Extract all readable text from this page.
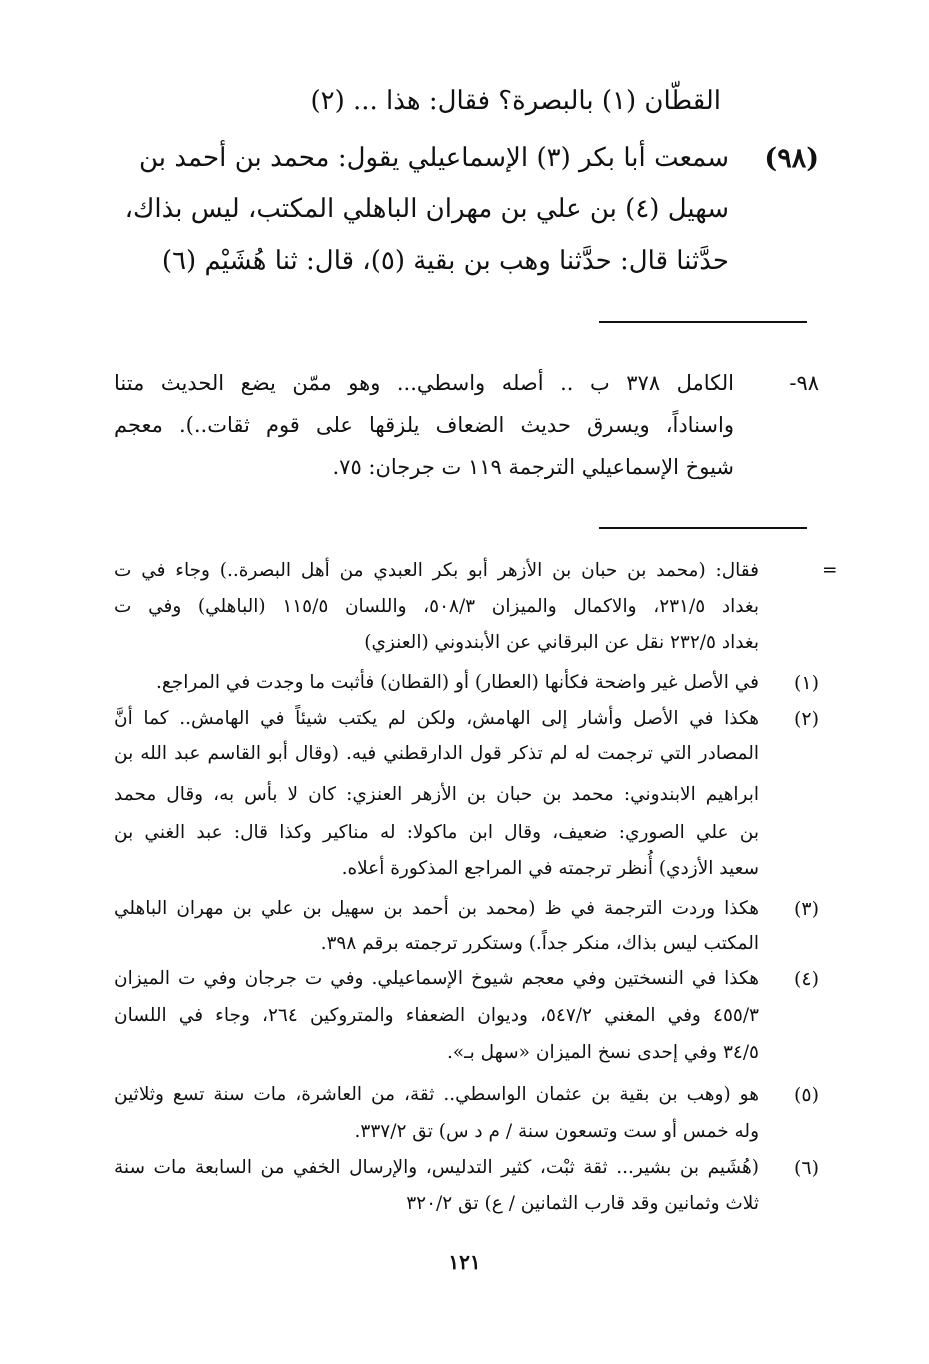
القطّان (١) بالبصرة؟ فقال: هذا ... (٢)
(٩٨)
سمعت أبا بكر (٣) الإسماعيلي يقول: محمد بن أحمد بن
سهيل (٤) بن علي بن مهران الباهلي المكتب، ليس بذاك،
حدَّثنا قال: حدَّثنا وهب بن بقية (٥)، قال: ثنا هُشَيْم (٦)
٩٨-
الكامل ٣٧٨ ب .. أصله واسطي... وهو ممّن يضع الحديث متنا
واسناداً، ويسرق حديث الضعاف يلزقها على قوم ثقات..). معجم
شيوخ الإسماعيلي الترجمة ١١٩ ت جرجان: ٧٥.
=
فقال: (محمد بن حبان بن الأزهر أبو بكر العبدي من أهل البصرة..) وجاء في ت
بغداد ٢٣١/٥، والاكمال والميزان ٥٠٨/٣، واللسان ١١٥/٥ (الباهلي) وفي ت
بغداد ٢٣٢/٥ نقل عن البرقاني عن الأبندوني (العنزي)
(١)
في الأصل غير واضحة فكأنها (العطار) أو (القطان) فأثبت ما وجدت في المراجع.
(٢)
هكذا في الأصل وأشار إلى الهامش، ولكن لم يكتب شيئاً في الهامش.. كما أنَّ
المصادر التي ترجمت له لم تذكر قول الدارقطني فيه. (وقال أبو القاسم عبد الله بن
ابراهيم الابندوني: محمد بن حبان بن الأزهر العنزي: كان لا بأس به، وقال محمد
بن علي الصوري: ضعيف، وقال ابن ماكولا: له مناكير وكذا قال: عبد الغني بن
سعيد الأزدي) أُنظر ترجمته في المراجع المذكورة أعلاه.
(٣)
هكذا وردت الترجمة في ظ (محمد بن أحمد بن سهيل بن علي بن مهران الباهلي
المكتب ليس بذاك، منكر جداً.) وستكرر ترجمته برقم ٣٩٨.
(٤)
هكذا في النسختين وفي معجم شيوخ الإسماعيلي. وفي ت جرجان وفي ت الميزان
٤٥٥/٣ وفي المغني ٥٤٧/٢، وديوان الضعفاء والمتروكين ٢٦٤، وجاء في اللسان
٣٤/٥ وفي إحدى نسخ الميزان «سهل بـ».
(٥)
هو (وهب بن بقية بن عثمان الواسطي.. ثقة، من العاشرة، مات سنة تسع وثلاثين
وله خمس أو ست وتسعون سنة / م د س) تق ٣٣٧/٢.
(٦)
(هُشَيم بن بشير... ثقة ثبْت، كثير التدليس، والإرسال الخفي من السابعة مات سنة
ثلاث وثمانين وقد قارب الثمانين / ع) تق ٣٢٠/٢
١٢١
